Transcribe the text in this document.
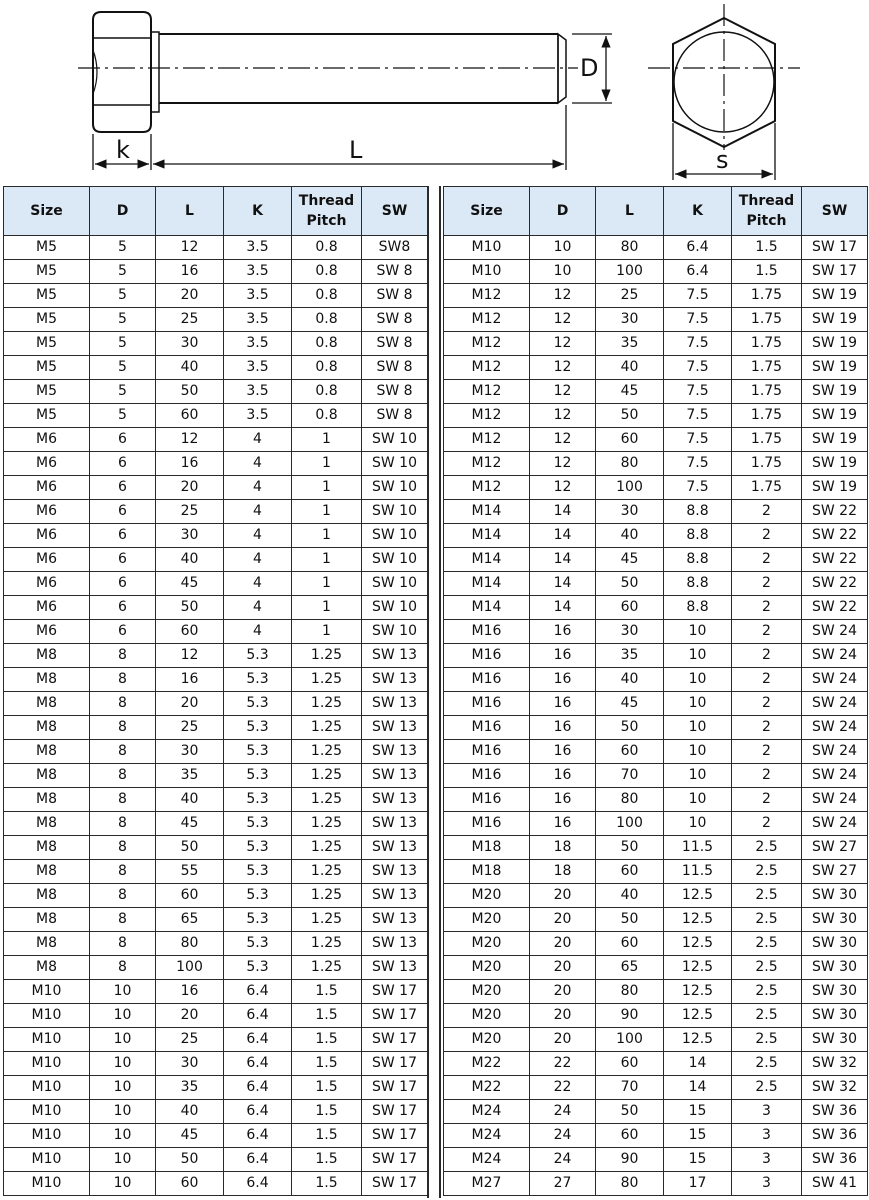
k	L
D
s
Size	D	L	K	Thread Pitch	SW
M5	5	12	3.5	0.8	SW8
M5	5	16	3.5	0.8	SW 8
M5	5	20	3.5	0.8	SW 8
M5	5	25	3.5	0.8	SW 8
M5	5	30	3.5	0.8	SW 8
M5	5	40	3.5	0.8	SW 8
M5	5	50	3.5	0.8	SW 8
M5	5	60	3.5	0.8	SW 8
M6	6	12	4	1	SW 10
M6	6	16	4	1	SW 10
M6	6	20	4	1	SW 10
M6	6	25	4	1	SW 10
M6	6	30	4	1	SW 10
M6	6	40	4	1	SW 10
M6	6	45	4	1	SW 10
M6	6	50	4	1	SW 10
M6	6	60	4	1	SW 10
M8	8	12	5.3	1.25	SW 13
M8	8	16	5.3	1.25	SW 13
M8	8	20	5.3	1.25	SW 13
M8	8	25	5.3	1.25	SW 13
M8	8	30	5.3	1.25	SW 13
M8	8	35	5.3	1.25	SW 13
M8	8	40	5.3	1.25	SW 13
M8	8	45	5.3	1.25	SW 13
M8	8	50	5.3	1.25	SW 13
M8	8	55	5.3	1.25	SW 13
M8	8	60	5.3	1.25	SW 13
M8	8	65	5.3	1.25	SW 13
M8	8	80	5.3	1.25	SW 13
M8	8	100	5.3	1.25	SW 13
M10	10	16	6.4	1.5	SW 17
M10	10	20	6.4	1.5	SW 17
M10	10	25	6.4	1.5	SW 17
M10	10	30	6.4	1.5	SW 17
M10	10	35	6.4	1.5	SW 17
M10	10	40	6.4	1.5	SW 17
M10	10	45	6.4	1.5	SW 17
M10	10	50	6.4	1.5	SW 17
M10	10	60	6.4	1.5	SW 17
Size	D	L	K	Thread Pitch	SW
M10	10	80	6.4	1.5	SW 17
M10	10	100	6.4	1.5	SW 17
M12	12	25	7.5	1.75	SW 19
M12	12	30	7.5	1.75	SW 19
M12	12	35	7.5	1.75	SW 19
M12	12	40	7.5	1.75	SW 19
M12	12	45	7.5	1.75	SW 19
M12	12	50	7.5	1.75	SW 19
M12	12	60	7.5	1.75	SW 19
M12	12	80	7.5	1.75	SW 19
M12	12	100	7.5	1.75	SW 19
M14	14	30	8.8	2	SW 22
M14	14	40	8.8	2	SW 22
M14	14	45	8.8	2	SW 22
M14	14	50	8.8	2	SW 22
M14	14	60	8.8	2	SW 22
M16	16	30	10	2	SW 24
M16	16	35	10	2	SW 24
M16	16	40	10	2	SW 24
M16	16	45	10	2	SW 24
M16	16	50	10	2	SW 24
M16	16	60	10	2	SW 24
M16	16	70	10	2	SW 24
M16	16	80	10	2	SW 24
M16	16	100	10	2	SW 24
M18	18	50	11.5	2.5	SW 27
M18	18	60	11.5	2.5	SW 27
M20	20	40	12.5	2.5	SW 30
M20	20	50	12.5	2.5	SW 30
M20	20	60	12.5	2.5	SW 30
M20	20	65	12.5	2.5	SW 30
M20	20	80	12.5	2.5	SW 30
M20	20	90	12.5	2.5	SW 30
M20	20	100	12.5	2.5	SW 30
M22	22	60	14	2.5	SW 32
M22	22	70	14	2.5	SW 32
M24	24	50	15	3	SW 36
M24	24	60	15	3	SW 36
M24	24	90	15	3	SW 36
M27	27	80	17	3	SW 41
